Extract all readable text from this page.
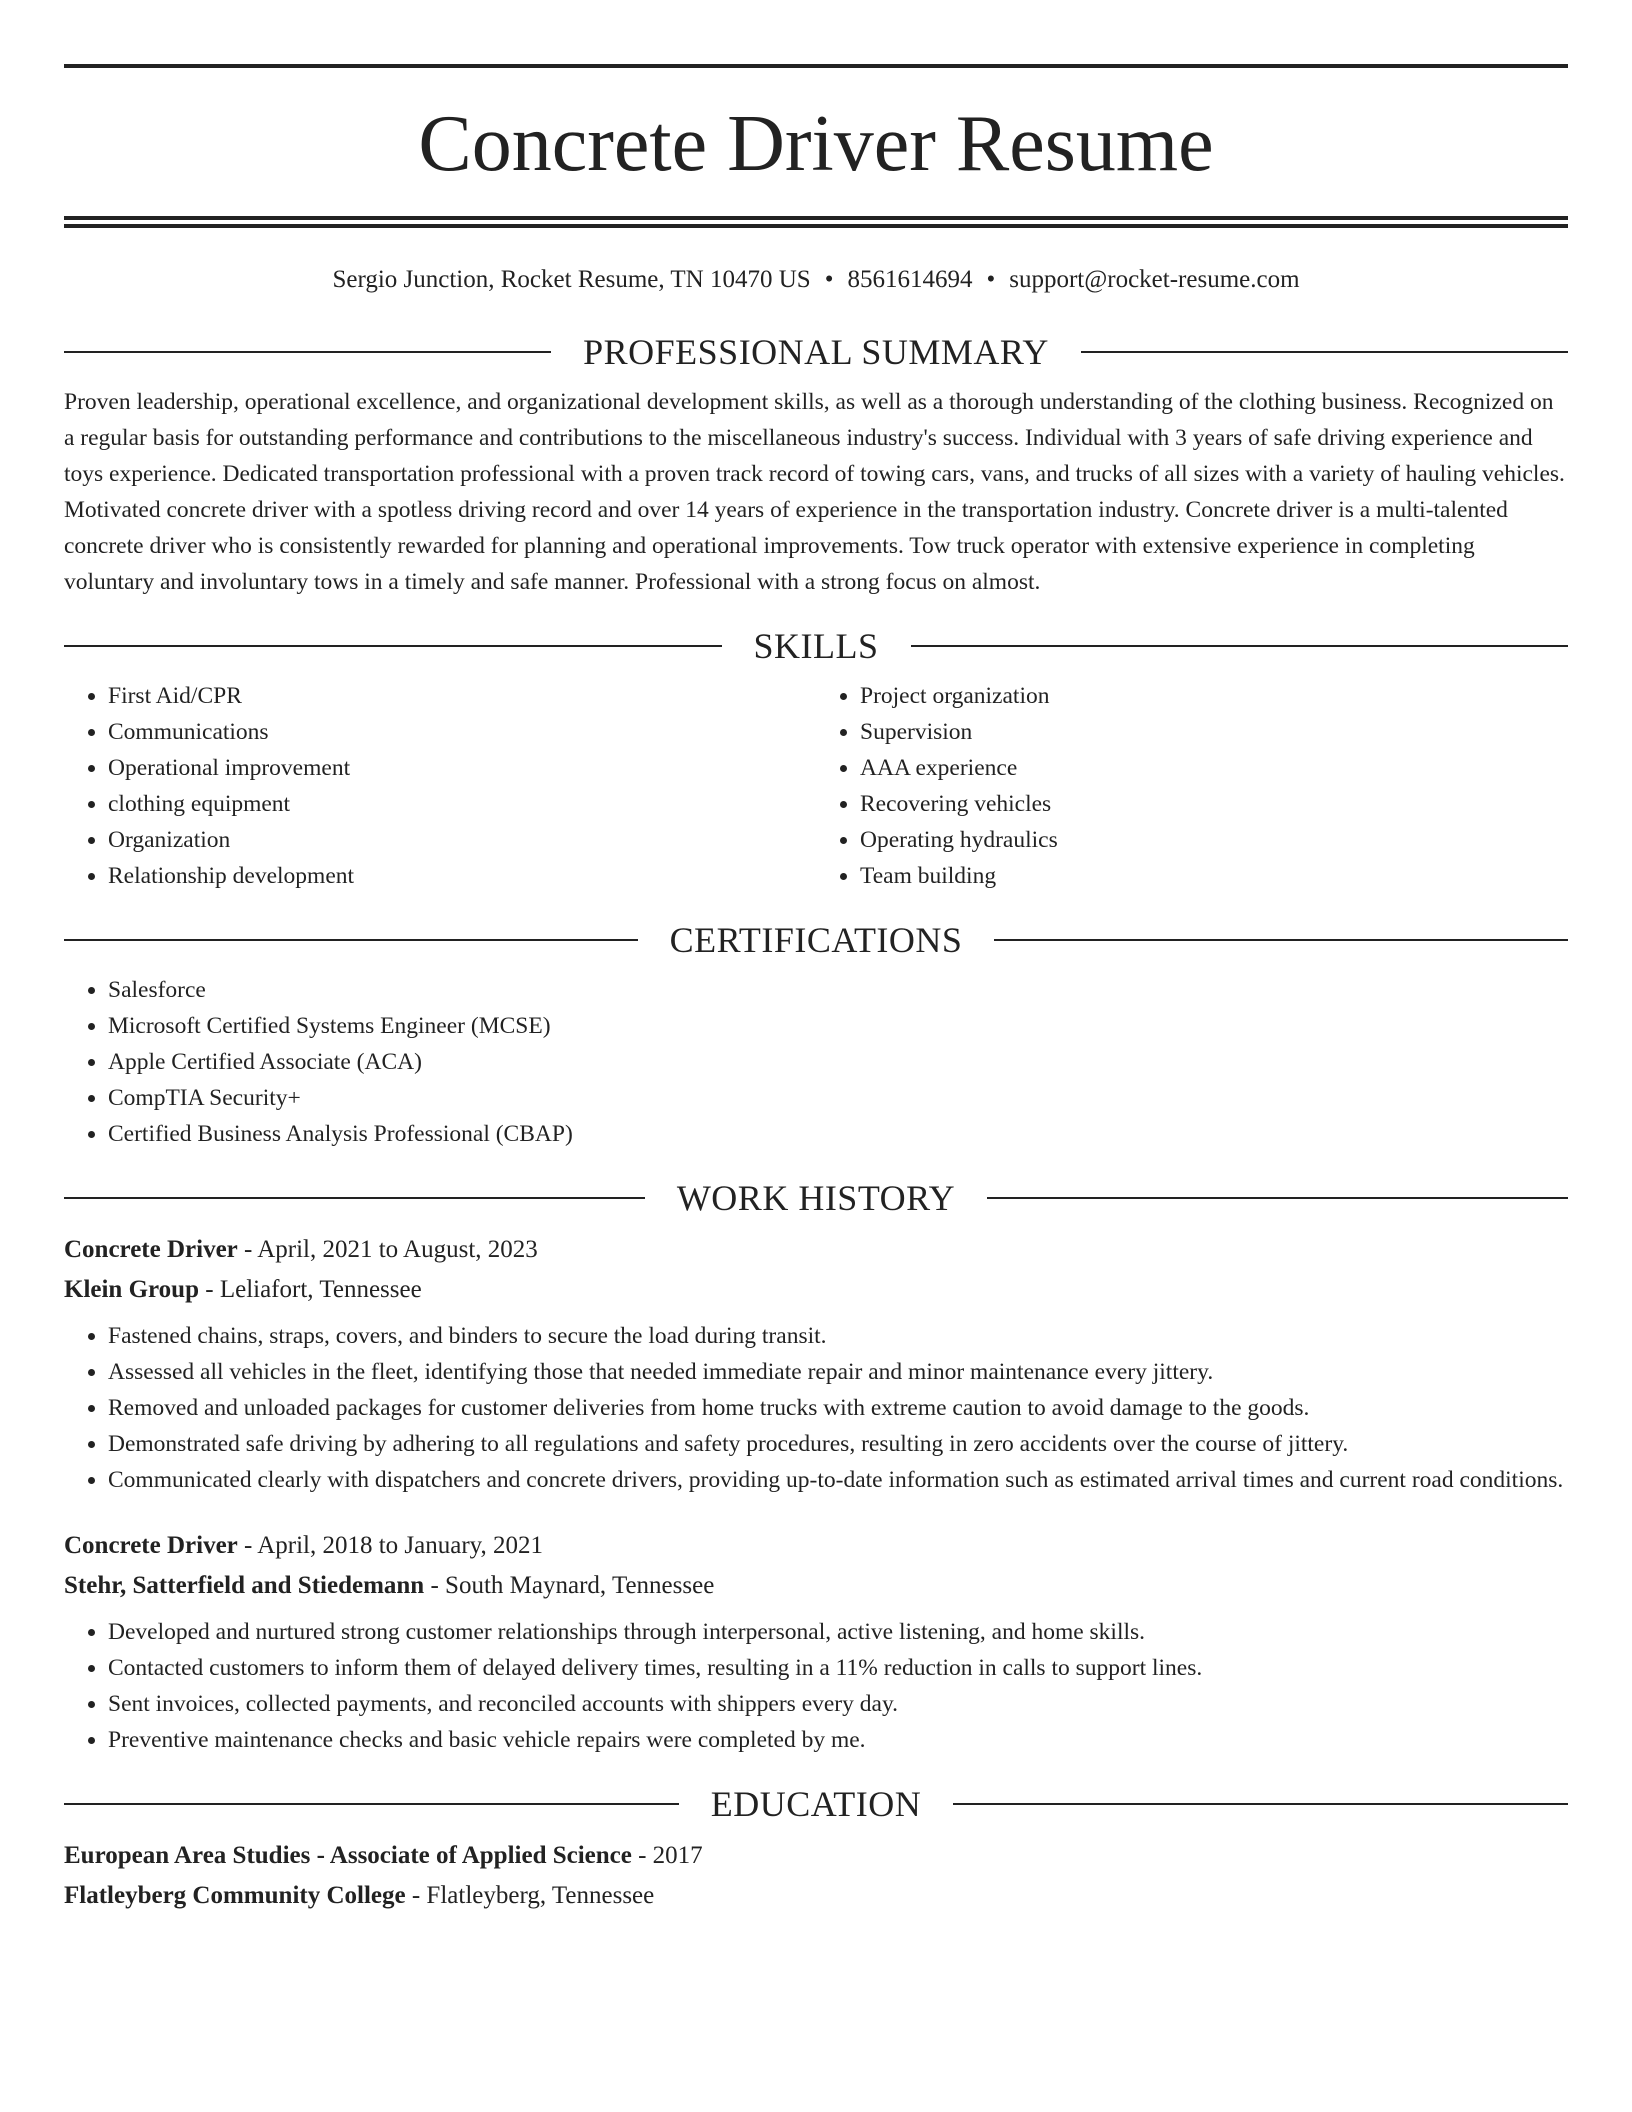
Concrete Driver Resume
Sergio Junction, Rocket Resume, TN 10470 US • 8561614694 • support@rocket-resume.com
PROFESSIONAL SUMMARY

Proven leadership, operational excellence, and organizational development skills, as well as a thorough understanding of the clothing business. Recognized on a regular basis for outstanding performance and contributions to the miscellaneous industry's success. Individual with 3 years of safe driving experience and toys experience. Dedicated transportation professional with a proven track record of towing cars, vans, and trucks of all sizes with a variety of hauling vehicles. Motivated concrete driver with a spotless driving record and over 14 years of experience in the transportation industry. Concrete driver is a multi-talented concrete driver who is consistently rewarded for planning and operational improvements. Tow truck operator with extensive experience in completing voluntary and involuntary tows in a timely and safe manner. Professional with a strong focus on almost.

SKILLS
• First Aid/CPR
• Communications
• Operational improvement
• clothing equipment
• Organization
• Relationship development
• Project organization
• Supervision
• AAA experience
• Recovering vehicles
• Operating hydraulics
• Team building
CERTIFICATIONS
• Salesforce
• Microsoft Certified Systems Engineer (MCSE)
• Apple Certified Associate (ACA)
• CompTIA Security+
• Certified Business Analysis Professional (CBAP)
WORK HISTORY
Concrete Driver - April, 2021 to August, 2023
Klein Group - Leliafort, Tennessee
• Fastened chains, straps, covers, and binders to secure the load during transit.
• Assessed all vehicles in the fleet, identifying those that needed immediate repair and minor maintenance every jittery.
• Removed and unloaded packages for customer deliveries from home trucks with extreme caution to avoid damage to the goods.
• Demonstrated safe driving by adhering to all regulations and safety procedures, resulting in zero accidents over the course of jittery.
• Communicated clearly with dispatchers and concrete drivers, providing up-to-date information such as estimated arrival times and current road conditions.
Concrete Driver - April, 2018 to January, 2021
Stehr, Satterfield and Stiedemann - South Maynard, Tennessee
• Developed and nurtured strong customer relationships through interpersonal, active listening, and home skills.
• Contacted customers to inform them of delayed delivery times, resulting in a 11% reduction in calls to support lines.
• Sent invoices, collected payments, and reconciled accounts with shippers every day.
• Preventive maintenance checks and basic vehicle repairs were completed by me.
EDUCATION
European Area Studies - Associate of Applied Science - 2017
Flatleyberg Community College - Flatleyberg, Tennessee
